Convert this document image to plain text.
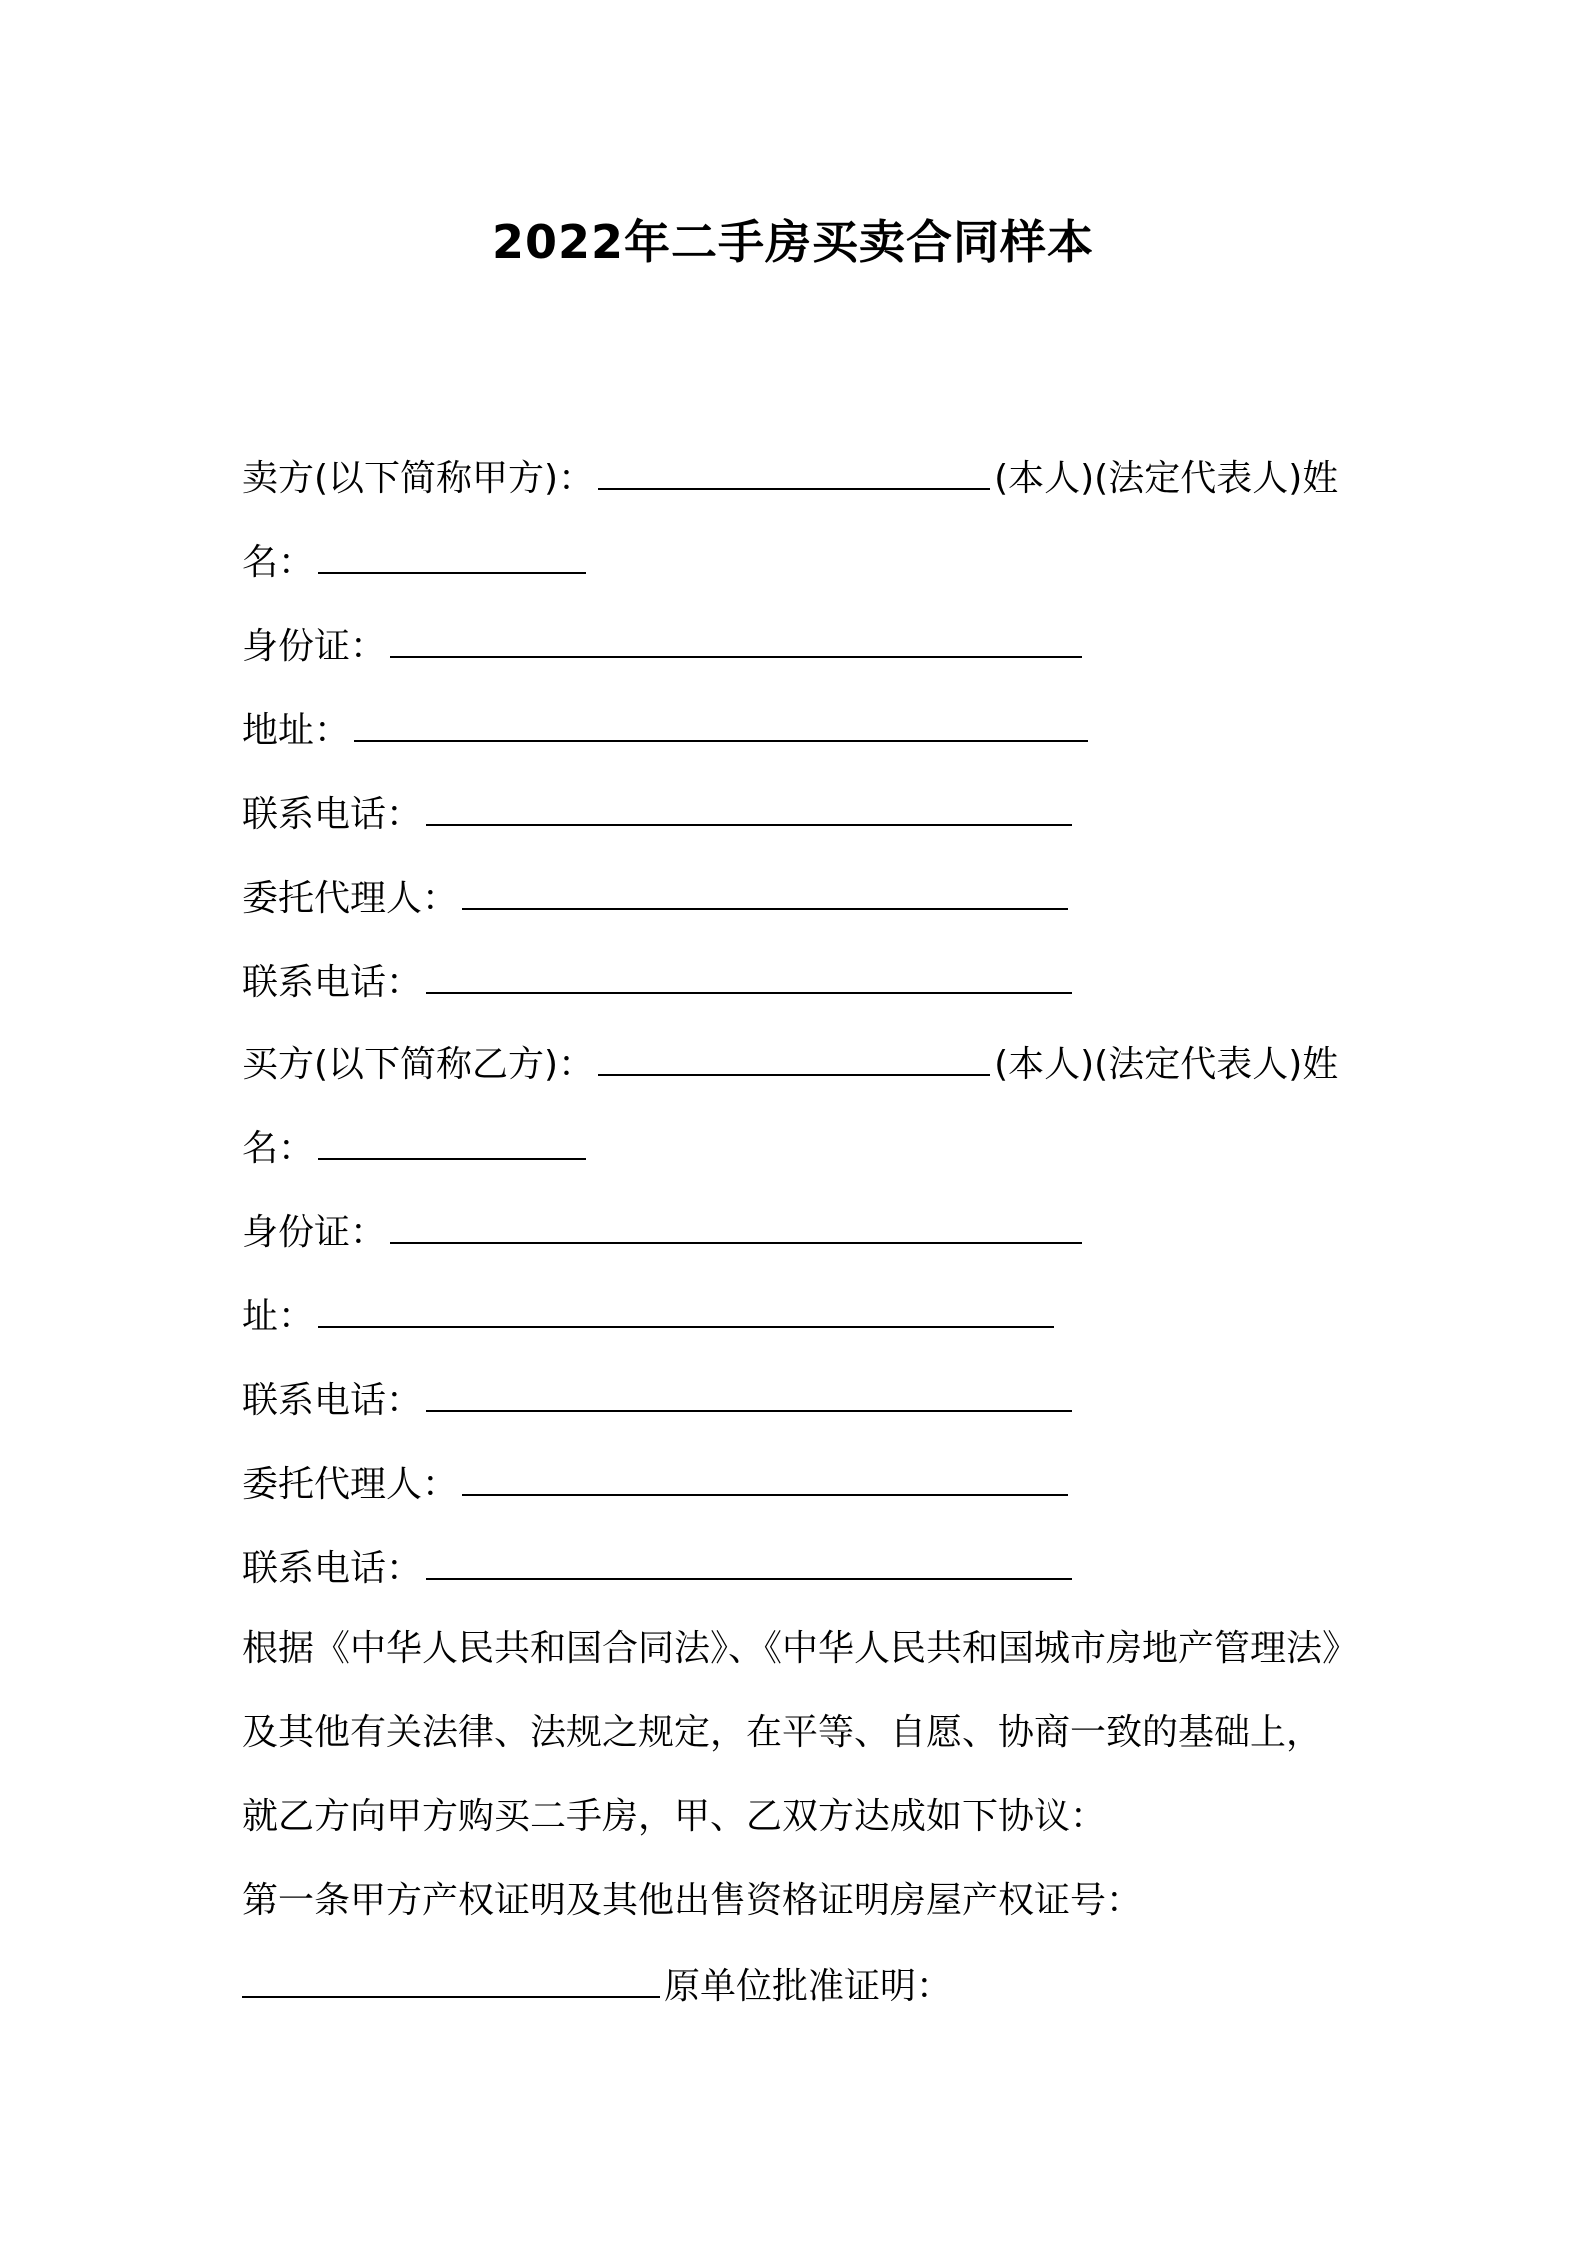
2022年二手房买卖合同样本
卖方(以下简称甲方)：	(本人)(法定代表人)姓
名：
身份证：
地址：
联系电话：
委托代理人：
联系电话：
买方(以下简称乙方)：	(本人)(法定代表人)姓
名：
身份证：
址：
联系电话：
委托代理人：
联系电话：
根据《中华人民共和国合同法》、《中华人民共和国城市房地产管理法》
及其他有关法律、法规之规定，在平等、自愿、协商一致的基础上，
就乙方向甲方购买二手房，甲、乙双方达成如下协议：
第一条甲方产权证明及其他出售资格证明房屋产权证号：
原单位批准证明：
